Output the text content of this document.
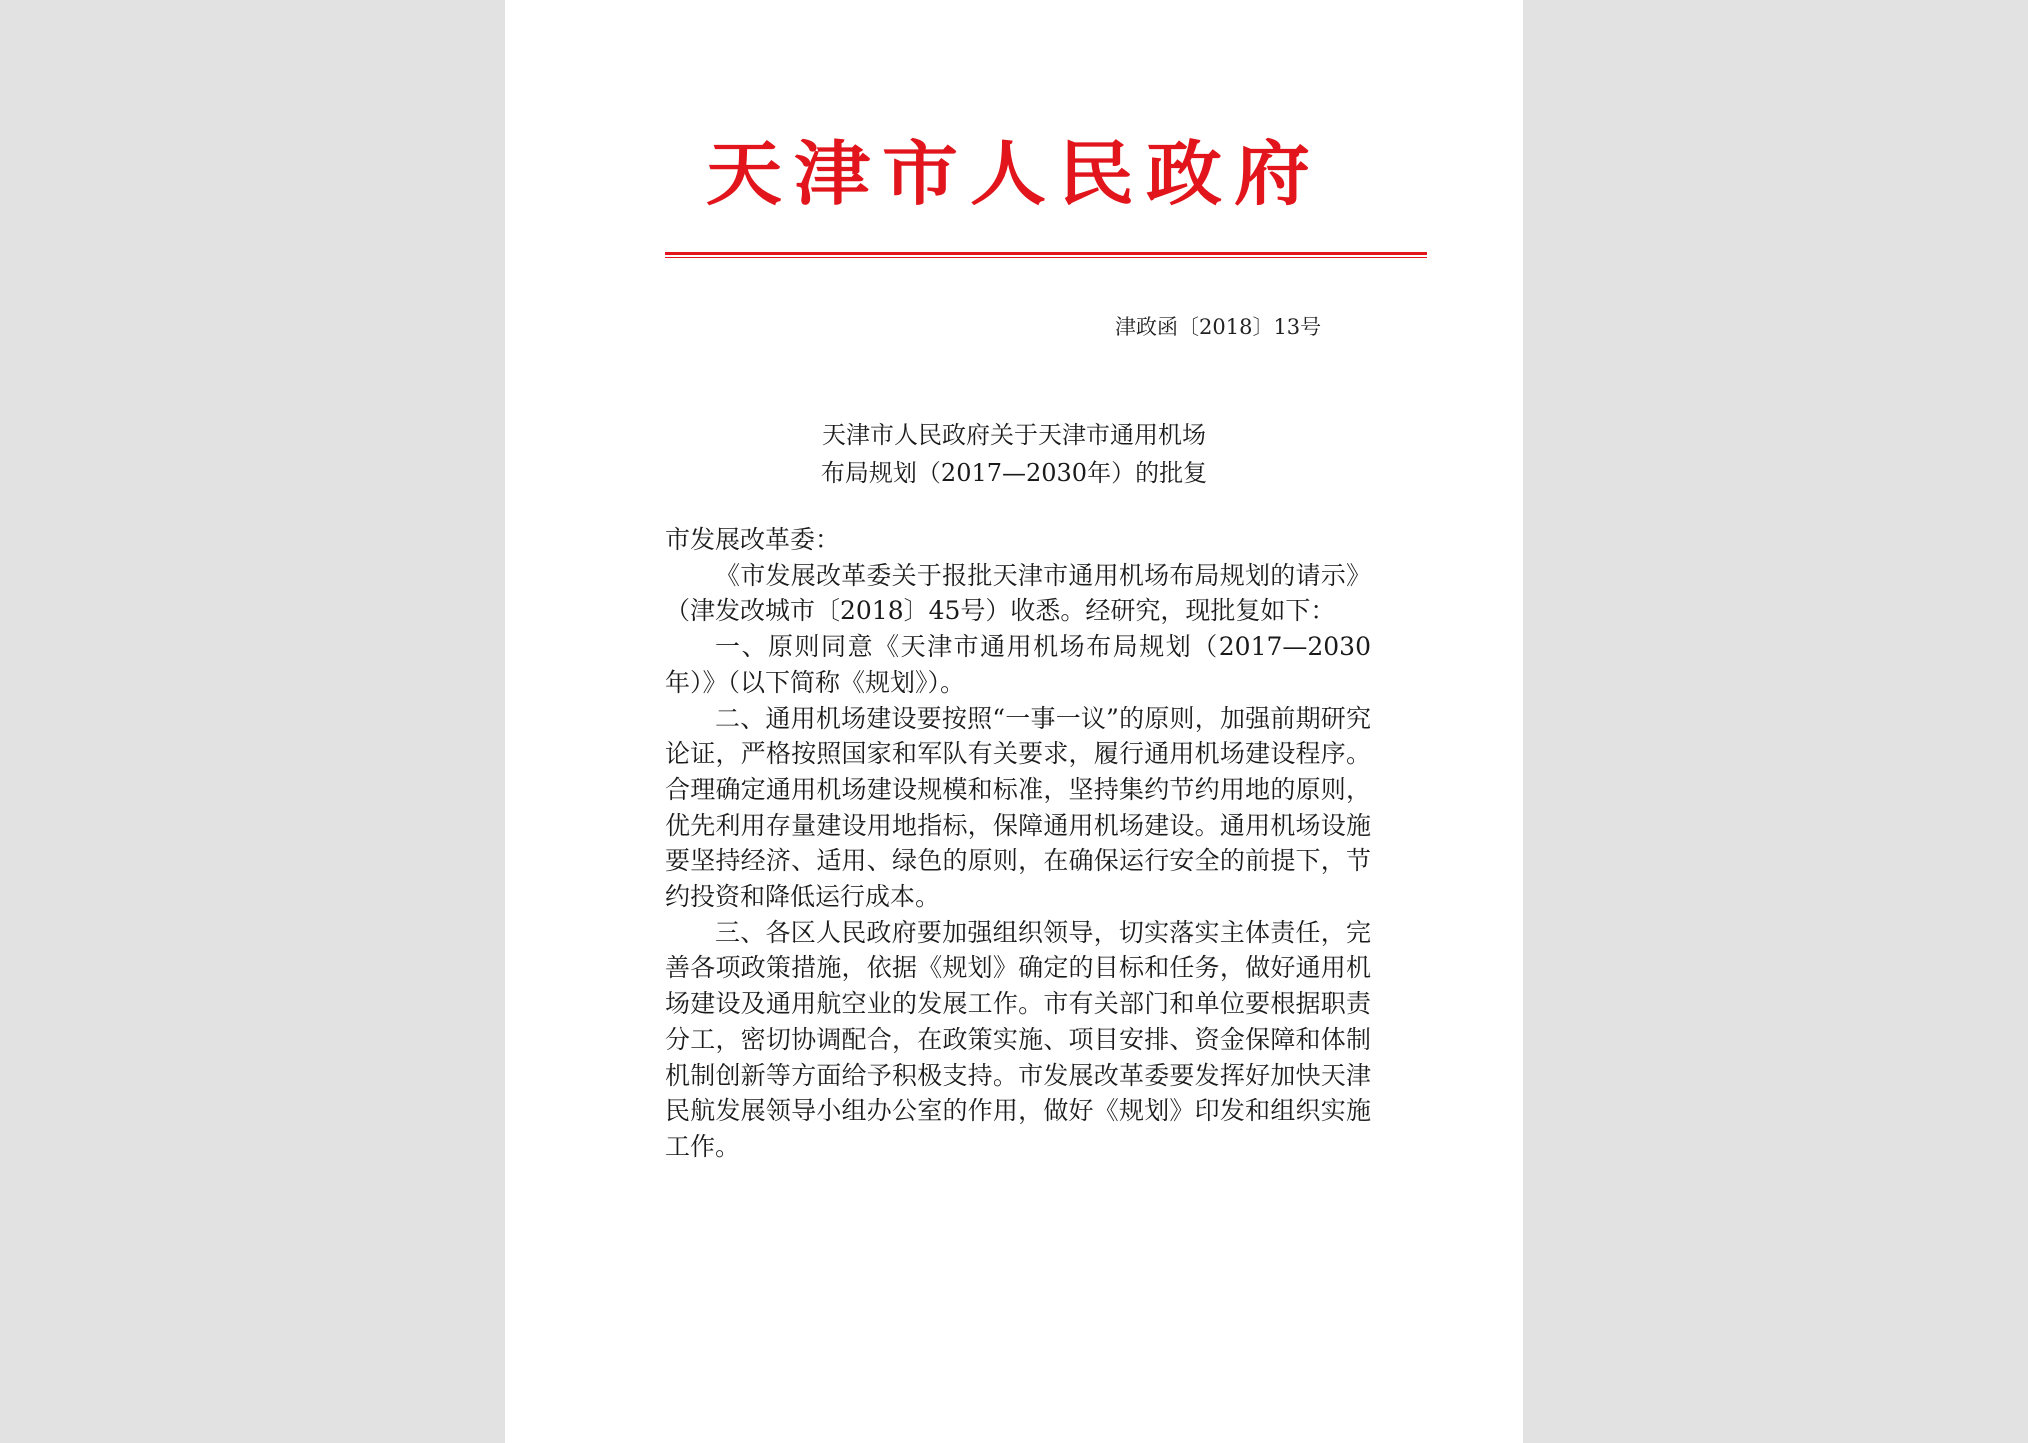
天津市人民政府
津政函〔2018〕13号
天津市人民政府关于天津市通用机场
布局规划（2017—2030年）的批复

市发展改革委：

《市发展改革委关于报批天津市通用机场布局规划的请示》（津发改城市〔2018〕45号）收悉。经研究，现批复如下：

一、原则同意《天津市通用机场布局规划（2017—2030年）》（以下简称《规划》）。

二、通用机场建设要按照“一事一议”的原则，加强前期研究论证，严格按照国家和军队有关要求，履行通用机场建设程序。合理确定通用机场建设规模和标准，坚持集约节约用地的原则，优先利用存量建设用地指标，保障通用机场建设。通用机场设施要坚持经济、适用、绿色的原则，在确保运行安全的前提下，节约投资和降低运行成本。

三、各区人民政府要加强组织领导，切实落实主体责任，完善各项政策措施，依据《规划》确定的目标和任务，做好通用机场建设及通用航空业的发展工作。市有关部门和单位要根据职责分工，密切协调配合，在政策实施、项目安排、资金保障和体制机制创新等方面给予积极支持。市发展改革委要发挥好加快天津民航发展领导小组办公室的作用，做好《规划》印发和组织实施工作。
